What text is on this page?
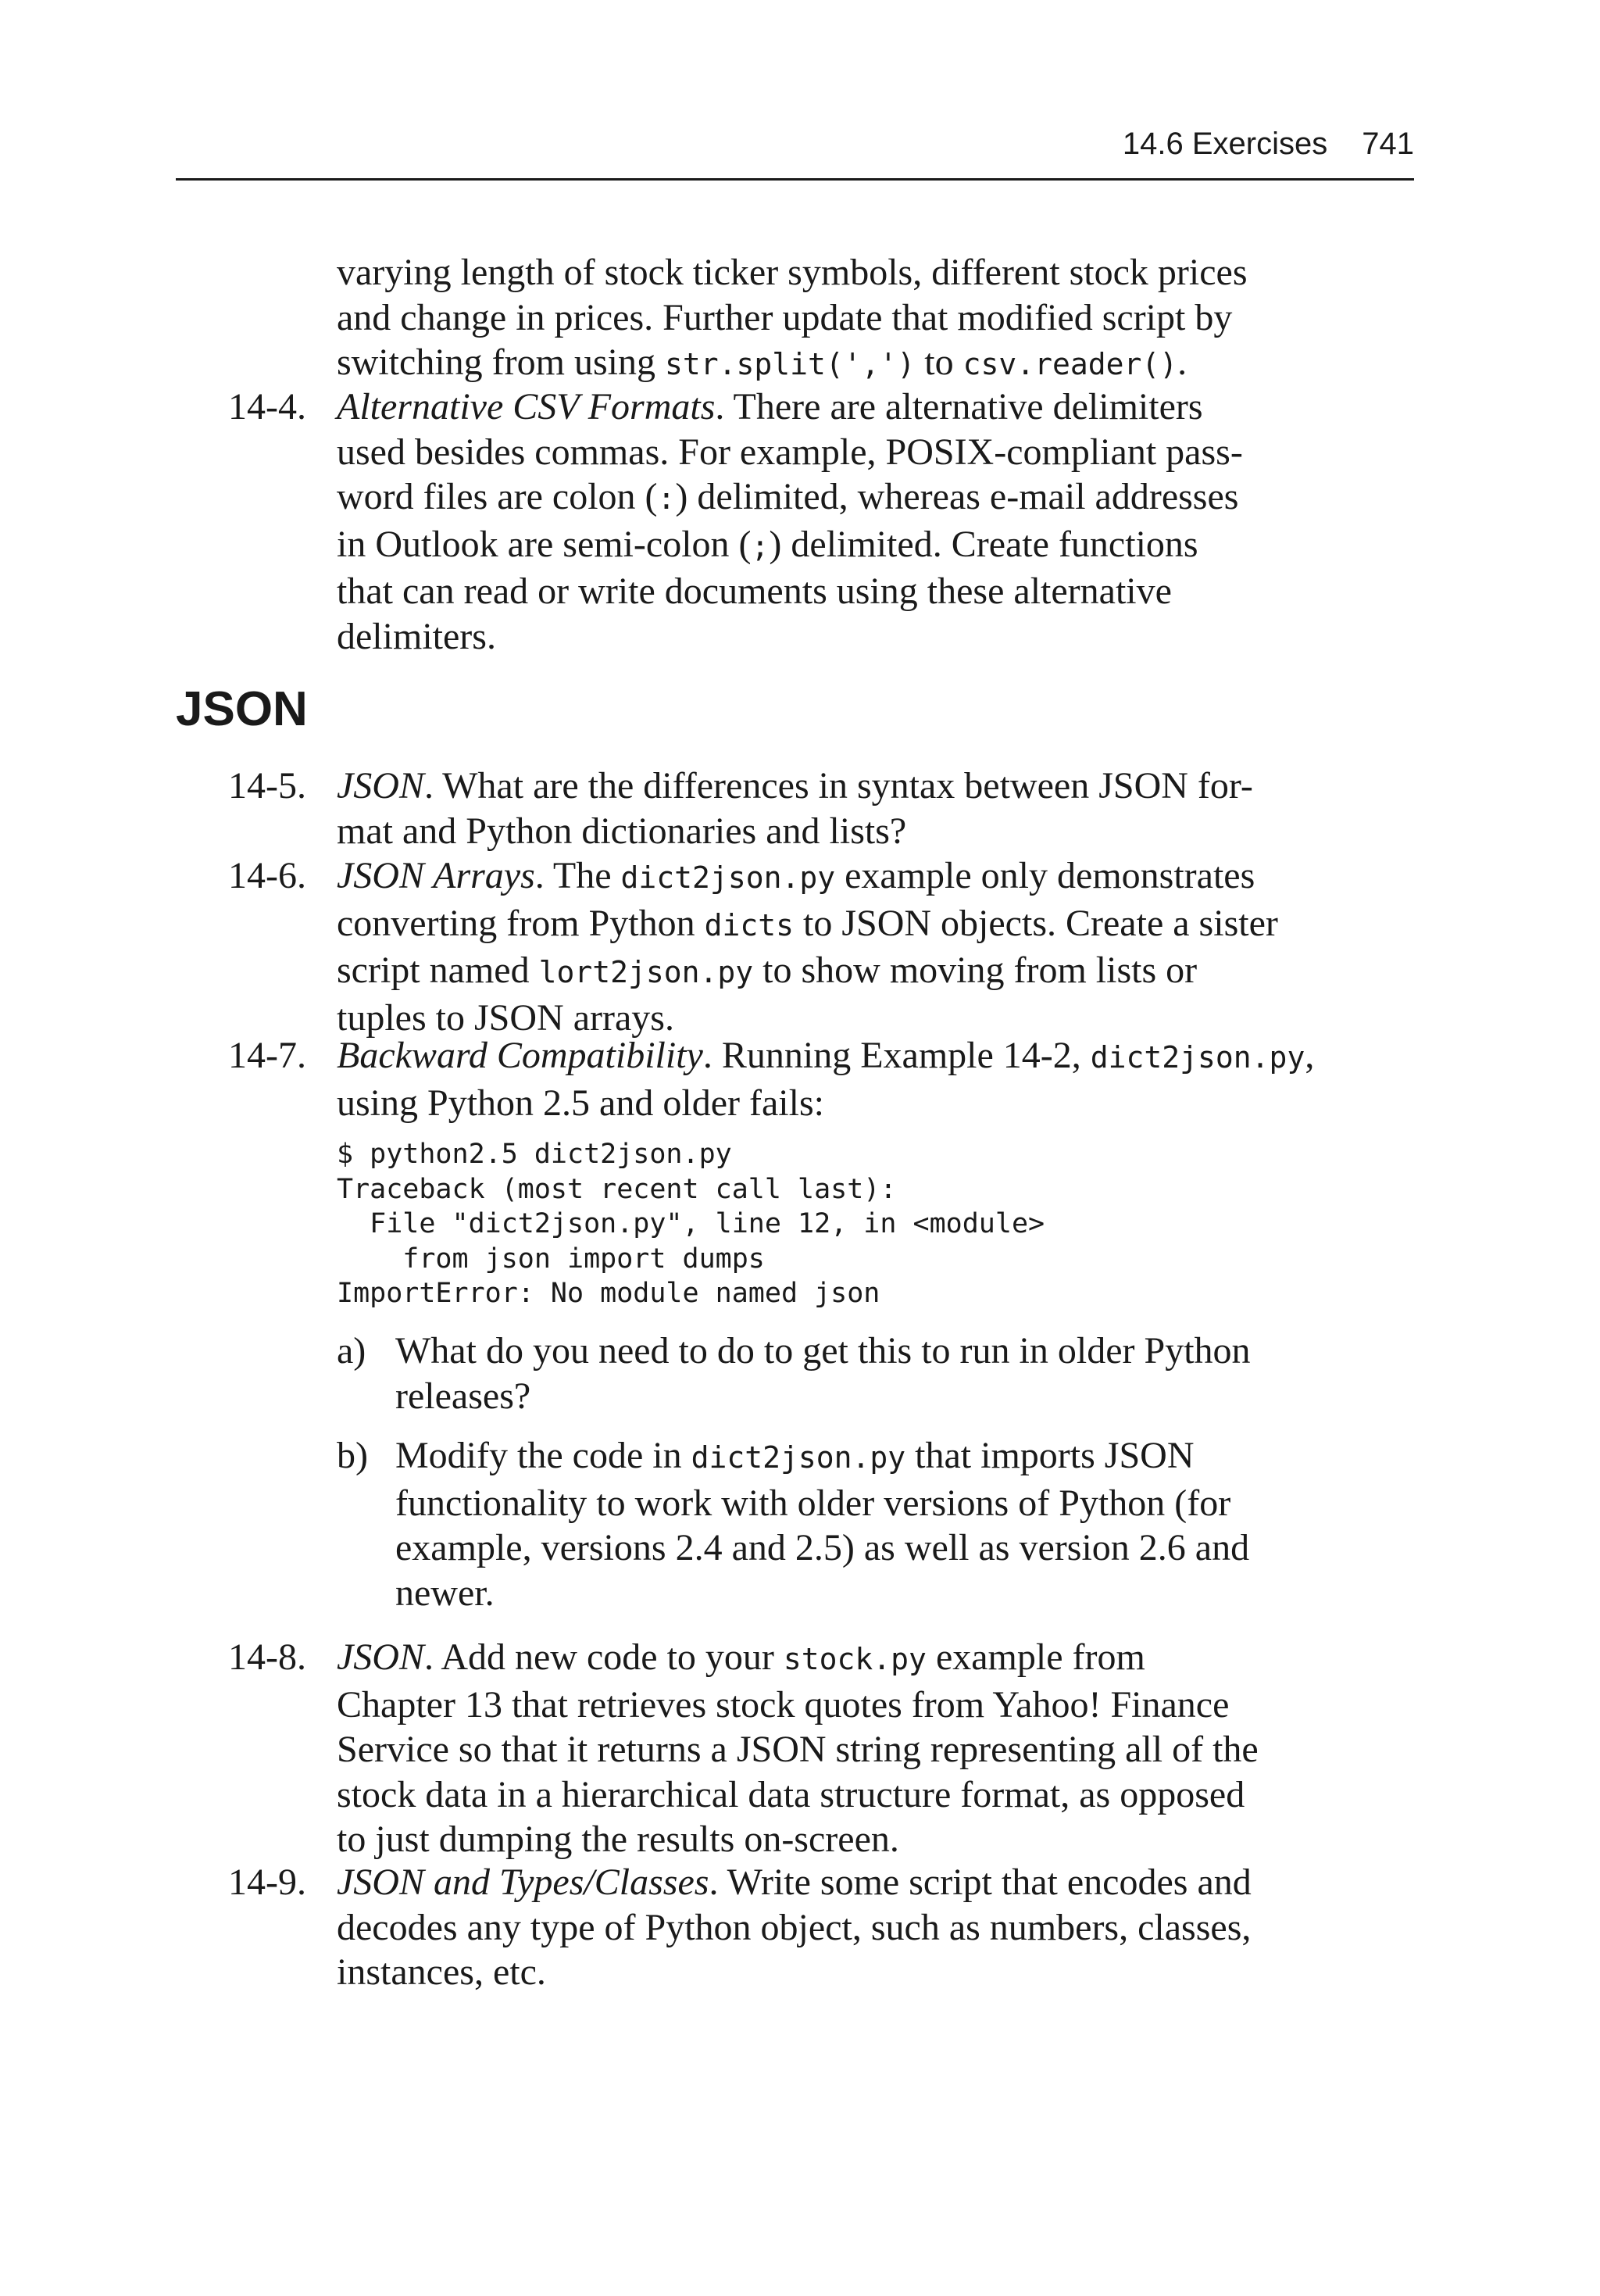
14.6 Exercises 741
varying length of stock ticker symbols, different stock prices
and change in prices. Further update that modified script by
switching from using str.split(',') to csv.reader().
14-4. Alternative CSV Formats. There are alternative delimiters
used besides commas. For example, POSIX-compliant pass-
word files are colon (:) delimited, whereas e-mail addresses
in Outlook are semi-colon (;) delimited. Create functions
that can read or write documents using these alternative
delimiters.
JSON
14-5. JSON. What are the differences in syntax between JSON for-
mat and Python dictionaries and lists?
14-6. JSON Arrays. The dict2json.py example only demonstrates
converting from Python dicts to JSON objects. Create a sister
script named lort2json.py to show moving from lists or
tuples to JSON arrays.
14-7. Backward Compatibility. Running Example 14-2, dict2json.py,
using Python 2.5 and older fails:
$ python2.5 dict2json.py
Traceback (most recent call last):
File "dict2json.py", line 12, in <module>
from json import dumps
ImportError: No module named json
a) What do you need to do to get this to run in older Python
releases?
b) Modify the code in dict2json.py that imports JSON
functionality to work with older versions of Python (for
example, versions 2.4 and 2.5) as well as version 2.6 and
newer.
14-8. JSON. Add new code to your stock.py example from
Chapter 13 that retrieves stock quotes from Yahoo! Finance
Service so that it returns a JSON string representing all of the
stock data in a hierarchical data structure format, as opposed
to just dumping the results on-screen.
14-9. JSON and Types/Classes. Write some script that encodes and
decodes any type of Python object, such as numbers, classes,
instances, etc.
